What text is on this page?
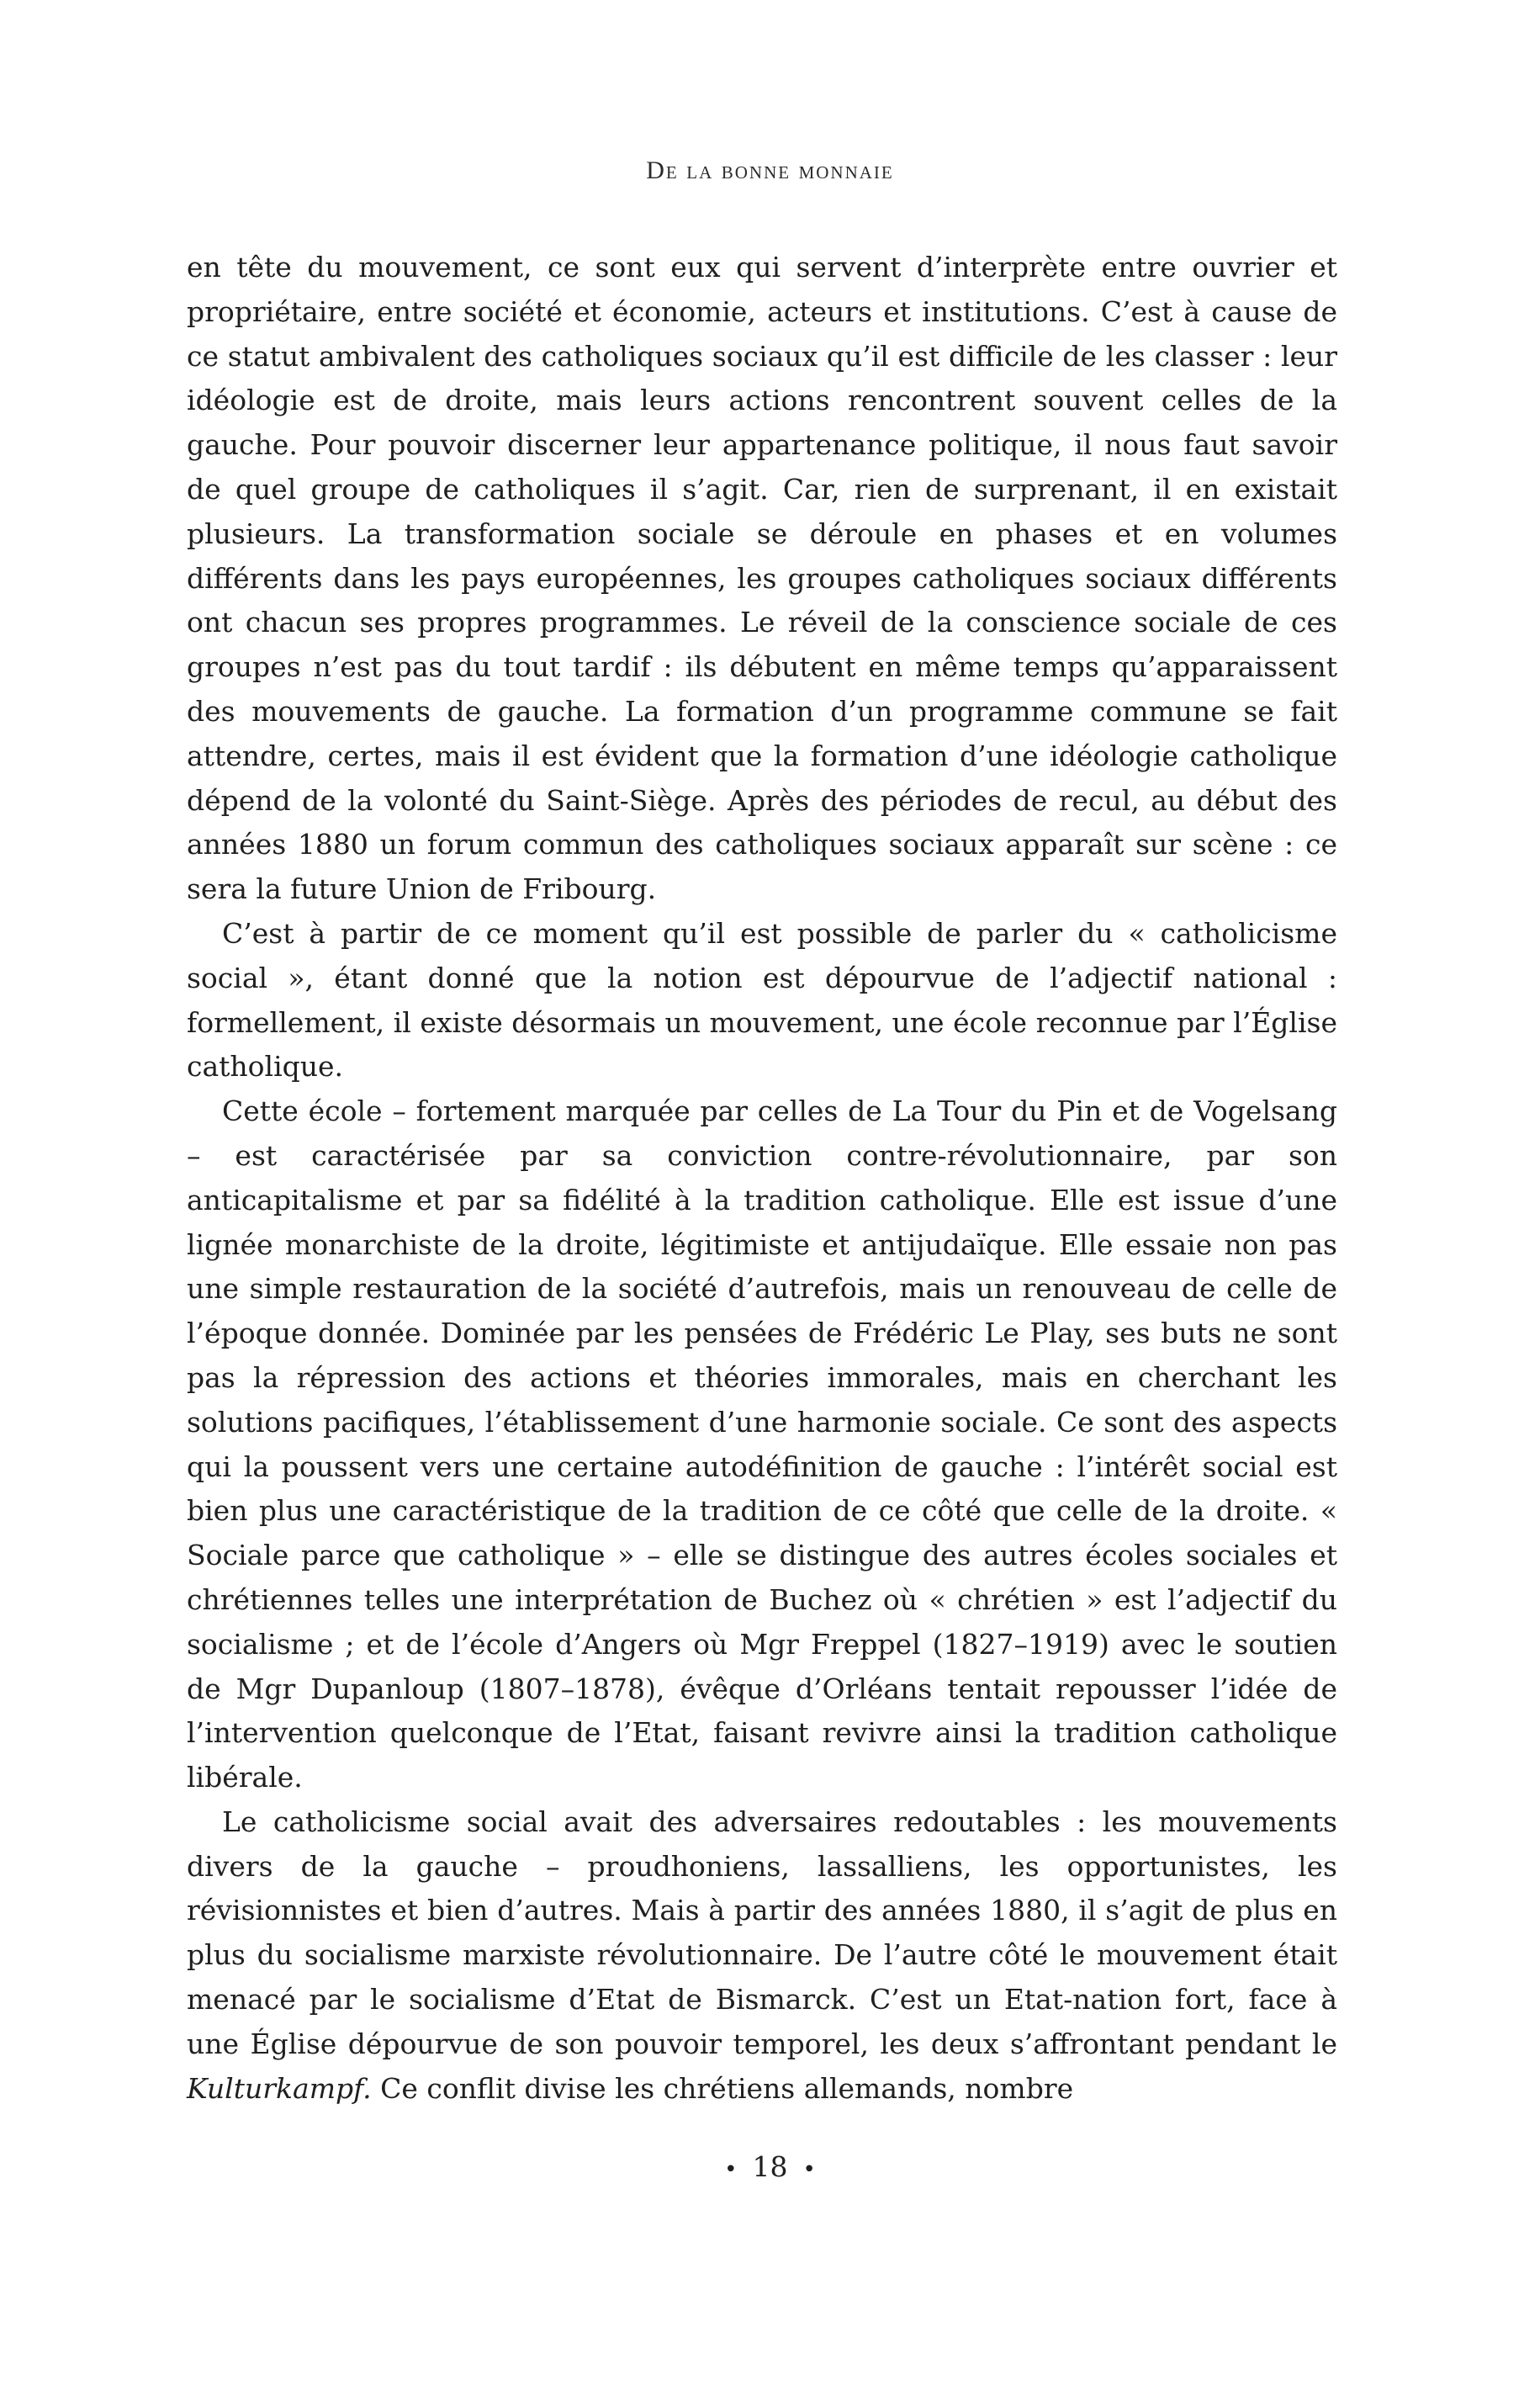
De la bonne monnaie

en tête du mouvement, ce sont eux qui servent d’interprète entre ouvrier et propriétaire, entre société et économie, acteurs et institutions. C’est à cause de ce statut ambivalent des catholiques sociaux qu’il est difficile de les classer : leur idéologie est de droite, mais leurs actions rencontrent souvent celles de la gauche. Pour pouvoir discerner leur appartenance politique, il nous faut savoir de quel groupe de catholiques il s’agit. Car, rien de surprenant, il en existait plusieurs. La transformation sociale se déroule en phases et en volumes différents dans les pays européennes, les groupes catholiques sociaux différents ont chacun ses propres programmes. Le réveil de la conscience sociale de ces groupes n’est pas du tout tardif : ils débutent en même temps qu’apparaissent des mouvements de gauche. La formation d’un programme commune se fait attendre, certes, mais il est évident que la formation d’une idéologie catholique dépend de la volonté du Saint-Siège. Après des périodes de recul, au début des années 1880 un forum commun des catholiques sociaux apparaît sur scène : ce sera la future Union de Fribourg.

C’est à partir de ce moment qu’il est possible de parler du « catholicisme social », étant donné que la notion est dépourvue de l’adjectif national : formellement, il existe désormais un mouvement, une école reconnue par l’Église catholique.

Cette école – fortement marquée par celles de La Tour du Pin et de Vogelsang – est caractérisée par sa conviction contre-révolutionnaire, par son anticapitalisme et par sa fidélité à la tradition catholique. Elle est issue d’une lignée monarchiste de la droite, légitimiste et antijudaïque. Elle essaie non pas une simple restauration de la société d’autrefois, mais un renouveau de celle de l’époque donnée. Dominée par les pensées de Frédéric Le Play, ses buts ne sont pas la répression des actions et théories immorales, mais en cherchant les solutions pacifiques, l’établissement d’une harmonie sociale. Ce sont des aspects qui la poussent vers une certaine autodéfinition de gauche : l’intérêt social est bien plus une caractéristique de la tradition de ce côté que celle de la droite. « Sociale parce que catholique » – elle se distingue des autres écoles sociales et chrétiennes telles une interprétation de Buchez où « chrétien » est l’adjectif du socialisme ; et de l’école d’Angers où Mgr Freppel (1827–1919) avec le soutien de Mgr Dupanloup (1807–1878), évêque d’Orléans tentait repousser l’idée de l’intervention quelconque de l’Etat, faisant revivre ainsi la tradition catholique libérale.

Le catholicisme social avait des adversaires redoutables : les mouvements divers de la gauche – proudhoniens, lassalliens, les opportunistes, les révisionnistes et bien d’autres. Mais à partir des années 1880, il s’agit de plus en plus du socialisme marxiste révolutionnaire. De l’autre côté le mouvement était menacé par le socialisme d’Etat de Bismarck. C’est un Etat-nation fort, face à une Église dépourvue de son pouvoir temporel, les deux s’affrontant pendant le Kulturkampf. Ce conflit divise les chrétiens allemands, nombre

• 18 •
